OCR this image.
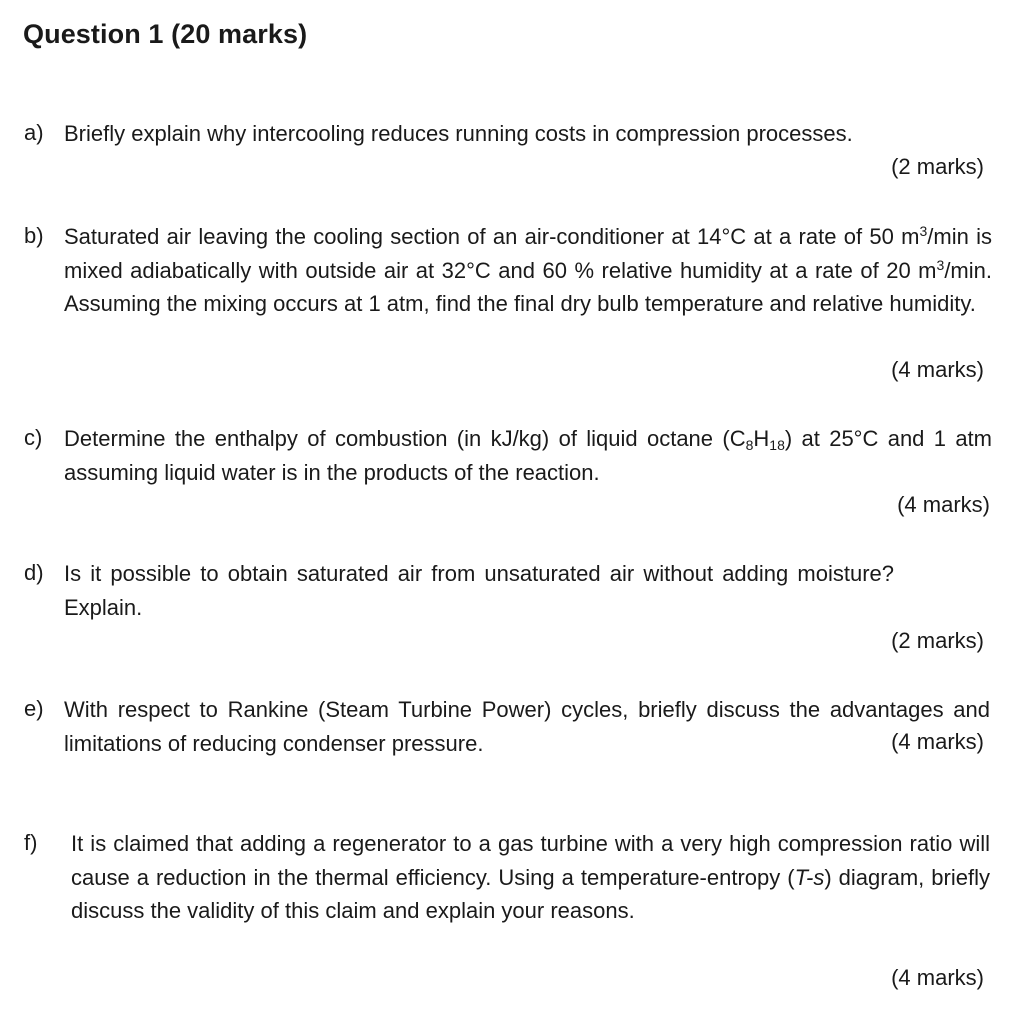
Question 1 (20 marks)
a) Briefly explain why intercooling reduces running costs in compression processes.
(2 marks)
b) Saturated air leaving the cooling section of an air-conditioner at 14°C at a rate of 50 $m^3/\min$ is mixed adiabatically with outside air at 32°C and 60 % relative humidity at a rate of 20 $m^3/\min$. Assuming the mixing occurs at 1 atm, find the final dry bulb temperature and relative humidity.
(4 marks)
c) Determine the enthalpy of combustion (in kJ/kg) of liquid octane $(C_8H_{18})$ at 25°C and 1 atm assuming liquid water is in the products of the reaction.
(4 marks)
d) Is it possible to obtain saturated air from unsaturated air without adding moisture? Explain.
(2 marks)
e) With respect to Rankine (Steam Turbine Power) cycles, briefly discuss the advantages and limitations of reducing condenser pressure.	(4 marks)
f) It is claimed that adding a regenerator to a gas turbine with a very high compression ratio will cause a reduction in the thermal efficiency. Using a temperature-entropy (T-s) diagram, briefly discuss the validity of this claim and explain your reasons.
(4 marks)
